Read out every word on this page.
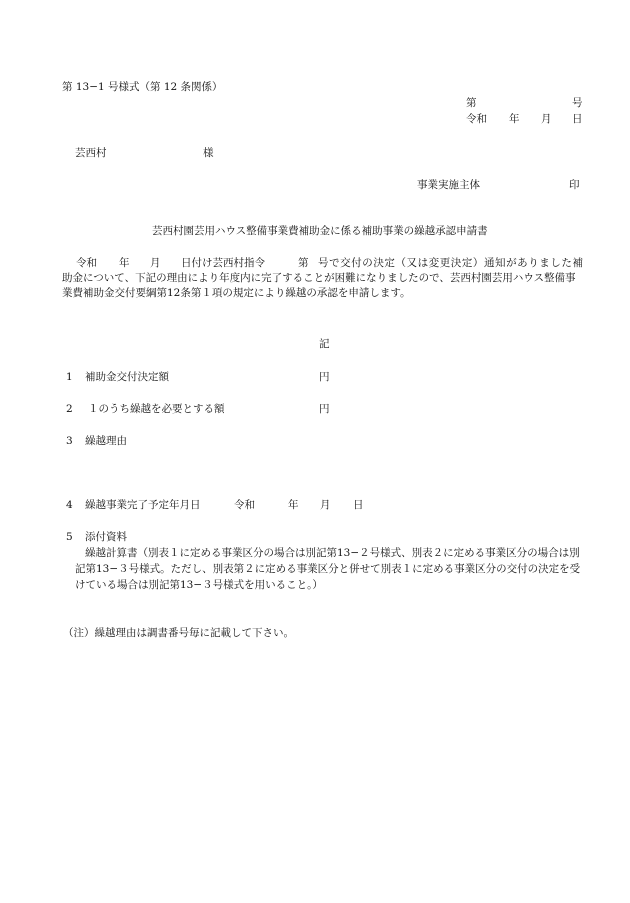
第 13−1 号様式（第 12 条関係）
第	号
令和 年 月 日
芸西村	様
事業実施主体	印
芸西村園芸用ハウス整備事業費補助金に係る補助事業の繰越承認申請書
令和 年 月 日付け芸西村指令	第 号で交付の決定（又は変更決定）通知がありました補
助金について、下記の理由により年度内に完了することが困難になりましたので、芸西村園芸用ハウス整備事
業費補助金交付要綱第12条第１項の規定により繰越の承認を申請します。
記
1 補助金交付決定額	円
2 １のうち繰越を必要とする額	円
3 繰越理由
4 繰越事業完了予定年月日	令和	年 月 日
5 添付資料
繰越計算書（別表１に定める事業区分の場合は別記第13−２号様式、別表２に定める事業区分の場合は別
記第13−３号様式。ただし、別表第２に定める事業区分と併せて別表１に定める事業区分の交付の決定を受
けている場合は別記第13−３号様式を用いること。）
（注）繰越理由は調書番号毎に記載して下さい。
